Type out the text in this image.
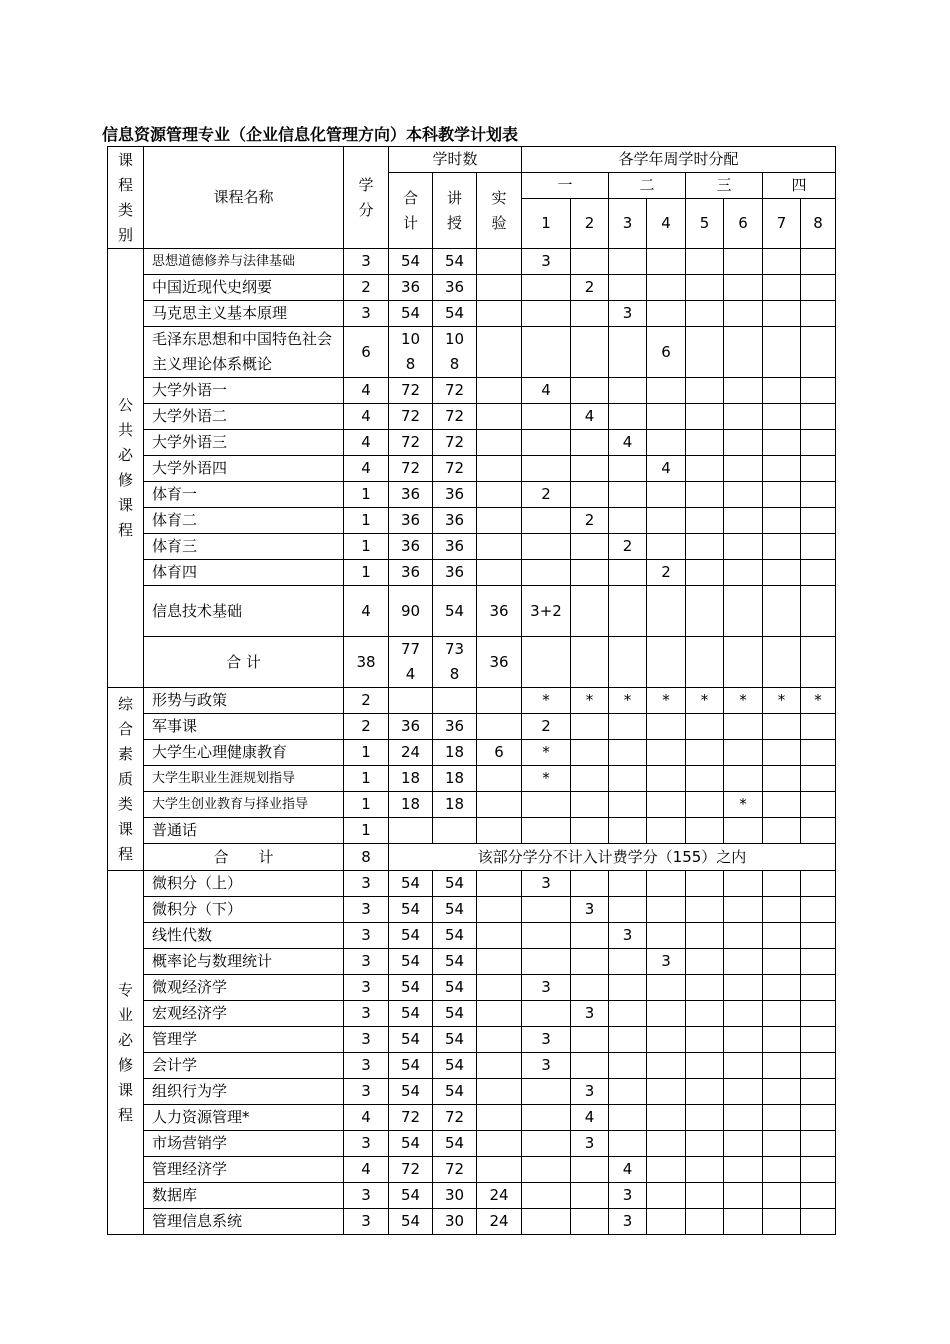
信息资源管理专业（企业信息化管理方向）本科教学计划表
课程类别	课程名称	学分	学时数			各学年周学时分配							
			合计	讲授	实验	一		二		三		四	
						1	2	3	4	5	6	7	8
公共必修课程	思想道德修养与法律基础	3	54	54		3							
	中国近现代史纲要	2	36	36			2						
	马克思主义基本原理	3	54	54				3					
	毛泽东思想和中国特色社会主义理论体系概论	6	108	108					6				
	大学外语一	4	72	72		4							
	大学外语二	4	72	72			4						
	大学外语三	4	72	72				4					
	大学外语四	4	72	72					4				
	体育一	1	36	36		2							
	体育二	1	36	36			2						
	体育三	1	36	36				2					
	体育四	1	36	36					2				
	信息技术基础	4	90	54	36	3+2							
	合 计	38	774	738	36								
综合素质类课程	形势与政策	2				*	*	*	*	*	*	*	*
	军事课	2	36	36		2							
	大学生心理健康教育	1	24	18	6	*							
	大学生职业生涯规划指导	1	18	18		*							
	大学生创业教育与择业指导	1	18	18							*		
	普通话	1											
	合　　计	8	该部分学分不计入计费学分（155）之内										
专业必修课程	微积分（上）	3	54	54		3							
	微积分（下）	3	54	54			3						
	线性代数	3	54	54				3					
	概率论与数理统计	3	54	54					3				
	微观经济学	3	54	54		3							
	宏观经济学	3	54	54			3						
	管理学	3	54	54		3							
	会计学	3	54	54		3							
	组织行为学	3	54	54			3						
	人力资源管理*	4	72	72			4						
	市场营销学	3	54	54			3						
	管理经济学	4	72	72				4					
	数据库	3	54	30	24			3					
	管理信息系统	3	54	30	24			3					
